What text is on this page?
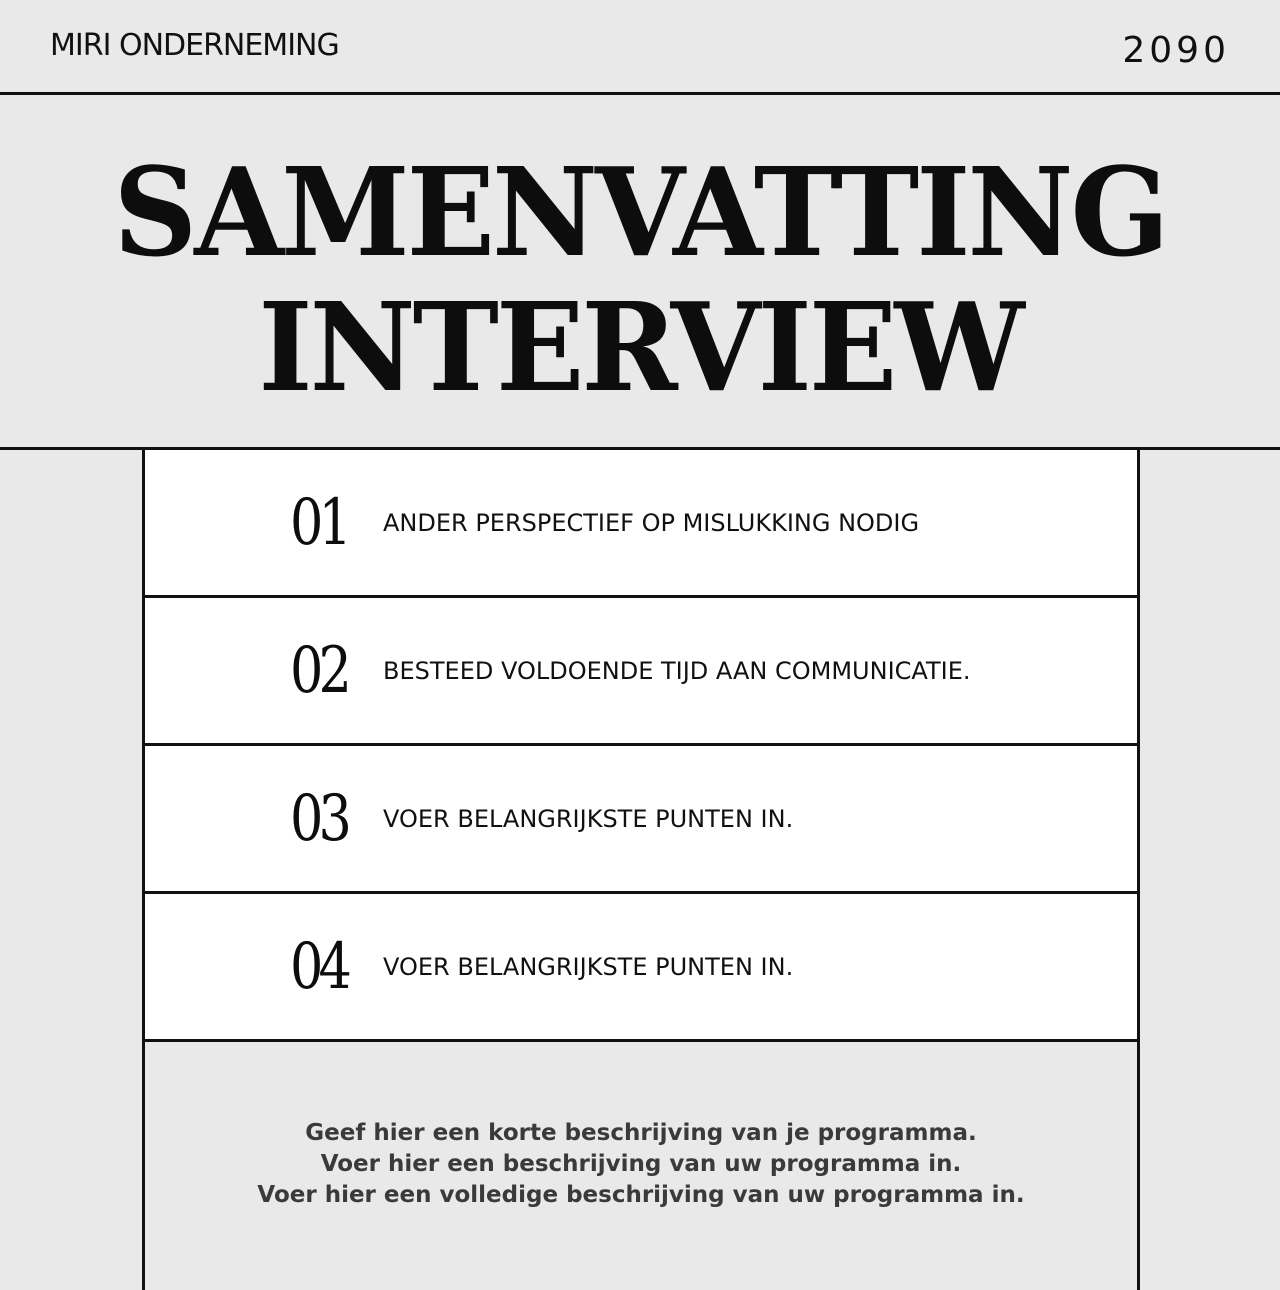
MIRI ONDERNEMING	2090
SAMENVATTING
INTERVIEW
01 ANDER PERSPECTIEF OP MISLUKKING NODIG
02 BESTEED VOLDOENDE TIJD AAN COMMUNICATIE.
03 VOER BELANGRIJKSTE PUNTEN IN.
04 VOER BELANGRIJKSTE PUNTEN IN.
Geef hier een korte beschrijving van je programma.
Voer hier een beschrijving van uw programma in.
Voer hier een volledige beschrijving van uw programma in.
